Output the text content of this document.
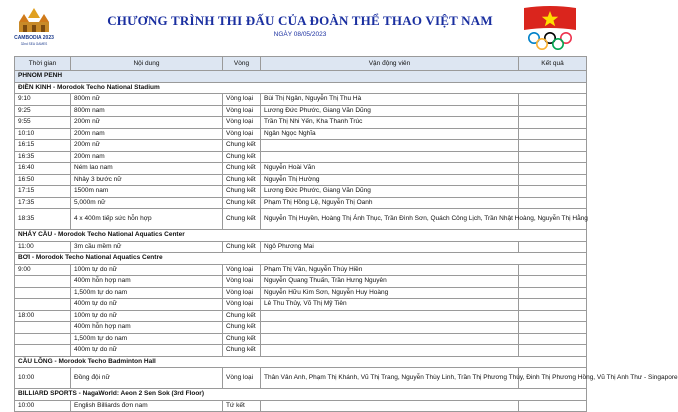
CAMBODIA 2023
32nd SEA GAMES
CHƯƠNG TRÌNH THI ĐẤU CỦA ĐOÀN THỂ THAO VIỆT NAM
NGÀY 08/05/2023
Thời gian	Nội dung	Vòng	Vận động viên	Kết quả
PHNOM PENH				
ĐIỀN KINH - Morodok Techo National Stadium				
9:10	800m nữ	Vòng loại	Bùi Thị Ngân, Nguyễn Thị Thu Hà	
9:25	800m nam	Vòng loại	Lương Đức Phước, Giang Văn Dũng	
9:55	200m nữ	Vòng loại	Trần Thị Nhi Yến, Kha Thanh Trúc	
10:10	200m nam	Vòng loại	Ngân Ngọc Nghĩa	
16:15	200m nữ	Chung kết		
16:35	200m nam	Chung kết		
16:40	Ném lao nam	Chung kết	Nguyễn Hoài Văn	
16:50	Nhảy 3 bước nữ	Chung kết	Nguyễn Thị Hường	
17:15	1500m nam	Chung kết	Lương Đức Phước, Giang Văn Dũng	
17:35	5,000m nữ	Chung kết	Phạm Thị Hồng Lệ, Nguyễn Thị Oanh	
18:35	4 x 400m tiếp sức hỗn hợp	Chung kết	Nguyễn Thị Huyền, Hoàng Thị Ánh Thục, Trần Đình Sơn, Quách Công Lịch, Trần Nhật Hoàng, Nguyễn Thị Hằng	
NHẢY CẦU - Morodok Techo National Aquatics Center				
11:00	3m cầu mềm nữ	Chung kết	Ngô Phương Mai	
BƠI - Morodok Techo National Aquatics Centre				
9:00	100m tự do nữ	Vòng loại	Phạm Thị Vân, Nguyễn Thúy Hiền	
	400m hỗn hợp nam	Vòng loại	Nguyễn Quang Thuấn, Trần Hưng Nguyên	
	1,500m tự do nam	Vòng loại	Nguyễn Hữu Kim Sơn, Nguyễn Huy Hoàng	
	400m tự do nữ	Vòng loại	Lê Thu Thủy, Võ Thị Mỹ Tiên	
18:00	100m tự do nữ	Chung kết		
	400m hỗn hợp nam	Chung kết		
	1,500m tự do nam	Chung kết		
	400m tự do nữ	Chung kết		
CẦU LÔNG - Morodok Techo Badminton Hall				
10:00	Đồng đội nữ	Vòng loại	Thân Vân Anh, Phạm Thị Khánh, Vũ Thị Trang, Nguyễn Thùy Linh, Trần Thị Phương Thúy, Đinh Thị Phương Hồng, Vũ Thị Anh Thư - Singapore	
BILLIARD SPORTS - NagaWorld: Aeon 2 Sen Sok (3rd Floor)				
10:00	English Billiards đơn nam	Tứ kết		
